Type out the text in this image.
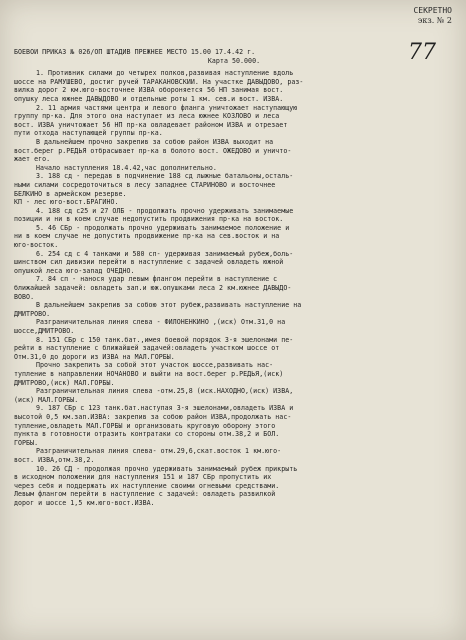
СЕКРЕТНО
экз. № 2
77
БОЕВОЙ ПРИКАЗ № 026/ОП ШТАДИВ ПРЕЖНЕЕ МЕСТО 15.00 17.4.42 г.
Карта 50.000.
1. Противник силами до четырех полков,развивая наступление вдоль
шоссе на РАМУШЕВО, достиг ручей ТАРАКАНОВСКИЙ. На участке ДАВЫДОВО, раз-
вилка дорог 2 км.юго-восточнее ИЗВА обороняется 56 НП занимая вост.
опушку леса южнее ДАВЫДОВО и отдельные роты 1 км. сев.и вост. ИЗВА.
2. 11 армия частями центра и левого фланга уничтожает наступающую
группу пр-ка. Для этого она наступает из леса южнее КОЗЛОВО и леса
вост. ИЗВА уничтожает 56 НП пр-ка овладевает районом ИЗВА и отрезает
пути отхода наступающей группы пр-ка.
В дальнейшем прочно закрепив за собою район ИЗВА выходит на
вост.берег р.РЕДЬЯ отбрасывает пр-ка в болото вост. ОЖЕДОВО и уничто-
жает его.
Начало наступления 18.4.42,час дополнительно.
3. 188 сд - передав в подчинение 188 сд лыжные батальоны,осталь-
ными силами сосредоточиться в лесу западнее СТАРИНОВО и восточнее
БЕЛКИНО в армейском резерве.
КП - лес юго-вост.БРАГИНО.
4. 188 сд с25 и 27 ОЛБ - продолжать прочно удерживать занимаемые
позиции и ни в коем случае недопустить продвижения пр-ка на восток.
5. 46 СБр - продолжать прочно удерживать занимаемое положение и
ни в коем случае не допустить продвижение пр-ка на сев.восток и на
юго-восток.
6. 254 сд с 4 танками и 580 сп- удерживая занимаемый рубеж,боль-
шинством сил дивизии перейти в наступление с задачей овладеть южной
опушкой леса юго-запад ОЧЕДНО.
7. 84 сп - нанося удар левым флангом перейти в наступление с
ближайшей задачей: овладеть зап.и юж.опушками леса 2 км.южнее ДАВЫДО-
ВОВО.
В дальнейшем закрепив за собою этот рубеж,развивать наступление на
ДМИТРОВО.
Разграничительная линия слева - ФИЛОНЕНКИНО ,(иск) Отм.31,0 на
шоссе,ДМИТРОВО.
8. 151 СБр с 150 танк.бат.,имея боевой порядок 3-я эшелонами пе-
рейти в наступление с ближайшей задачей:овладеть участком шоссе от
Отм.31,0 до дороги из ИЗВА на МАЛ.ГОРБЫ.
Прочно закрепить за собой этот участок шоссе,развивать нас-
тупление в направлении НОЧАНОВО и выйти на вост.берег р.РЕДЬЯ,(иск)
ДМИТРОВО,(иск) МАЛ.ГОРБЫ.
Разграничительная линия слева -отм.25,8 (иск.НАХОДНО,(иск) ИЗВА,
(иск) МАЛ.ГОРБЫ.
9. 187 СБр с 123 танк.бат.наступая 3-я эшелонами,овладеть ИЗВА и
высотой 0,5 км.зап.ИЗВА: закрепив за собою район ИЗВА,продолжать нас-
тупление,овладеть МАЛ.ГОРБЫ и организовать круговую оборону этого
пункта в готовности отразить контратаки со стороны отм.38,2 и БОЛ.
ГОРБЫ.
Разграничительная линия слева- отм.29,6,скат.восток 1 км.юго-
вост. ИЗВА,отм.38,2.
10. 26 СД - продолжая прочно удерживать занимаемый рубеж прикрыть
в исходном положении для наступления 151 и 187 СБр пропустить их
через себя и поддержать их наступление своими огневыми средствами.
Левым флангом перейти в наступление с задачей: овладеть развилкой
дорог и шоссе 1,5 км.юго-вост.ИЗВА.
